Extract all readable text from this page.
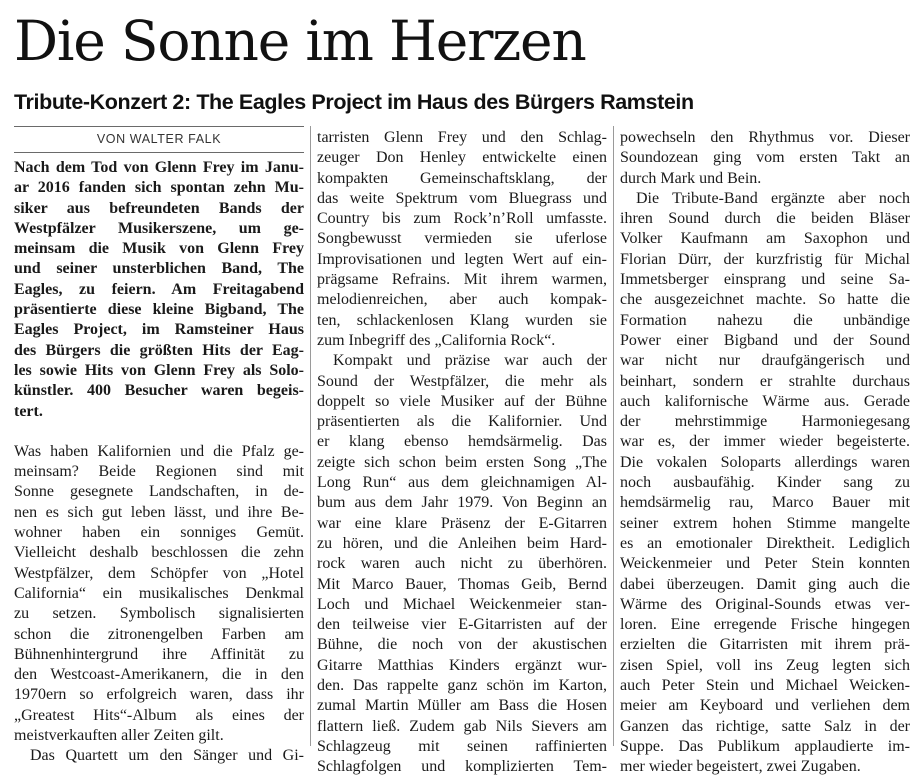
Die Sonne im Herzen
Tribute-Konzert 2: The Eagles Project im Haus des Bürgers Ramstein
VON WALTER FALK
Nach dem Tod von Glenn Frey im Janu-
ar 2016 fanden sich spontan zehn Mu-
siker aus befreundeten Bands der
Westpfälzer Musikerszene, um ge-
meinsam die Musik von Glenn Frey
und seiner unsterblichen Band, The
Eagles, zu feiern. Am Freitagabend
präsentierte diese kleine Bigband, The
Eagles Project, im Ramsteiner Haus
des Bürgers die größten Hits der Eag-
les sowie Hits von Glenn Frey als Solo-
künstler. 400 Besucher waren begeis-
tert.
Was haben Kalifornien und die Pfalz ge-
meinsam? Beide Regionen sind mit
Sonne gesegnete Landschaften, in de-
nen es sich gut leben lässt, und ihre Be-
wohner haben ein sonniges Gemüt.
Vielleicht deshalb beschlossen die zehn
Westpfälzer, dem Schöpfer von „Hotel
California“ ein musikalisches Denkmal
zu setzen. Symbolisch signalisierten
schon die zitronengelben Farben am
Bühnenhintergrund ihre Affinität zu
den Westcoast-Amerikanern, die in den
1970ern so erfolgreich waren, dass ihr
„Greatest Hits“-Album als eines der
meistverkauften aller Zeiten gilt.
Das Quartett um den Sänger und Gi-
tarristen Glenn Frey und den Schlag-
zeuger Don Henley entwickelte einen
kompakten Gemeinschaftsklang, der
das weite Spektrum vom Bluegrass und
Country bis zum Rock’n’Roll umfasste.
Songbewusst vermieden sie uferlose
Improvisationen und legten Wert auf ein-
prägsame Refrains. Mit ihrem warmen,
melodienreichen, aber auch kompak-
ten, schlackenlosen Klang wurden sie
zum Inbegriff des „California Rock“.
Kompakt und präzise war auch der
Sound der Westpfälzer, die mehr als
doppelt so viele Musiker auf der Bühne
präsentierten als die Kalifornier. Und
er klang ebenso hemdsärmelig. Das
zeigte sich schon beim ersten Song „The
Long Run“ aus dem gleichnamigen Al-
bum aus dem Jahr 1979. Von Beginn an
war eine klare Präsenz der E-Gitarren
zu hören, und die Anleihen beim Hard-
rock waren auch nicht zu überhören.
Mit Marco Bauer, Thomas Geib, Bernd
Loch und Michael Weickenmeier stan-
den teilweise vier E-Gitarristen auf der
Bühne, die noch von der akustischen
Gitarre Matthias Kinders ergänzt wur-
den. Das rappelte ganz schön im Karton,
zumal Martin Müller am Bass die Hosen
flattern ließ. Zudem gab Nils Sievers am
Schlagzeug mit seinen raffinierten
Schlagfolgen und komplizierten Tem-
powechseln den Rhythmus vor. Dieser
Soundozean ging vom ersten Takt an
durch Mark und Bein.
Die Tribute-Band ergänzte aber noch
ihren Sound durch die beiden Bläser
Volker Kaufmann am Saxophon und
Florian Dürr, der kurzfristig für Michal
Immetsberger einsprang und seine Sa-
che ausgezeichnet machte. So hatte die
Formation nahezu die unbändige
Power einer Bigband und der Sound
war nicht nur draufgängerisch und
beinhart, sondern er strahlte durchaus
auch kalifornische Wärme aus. Gerade
der mehrstimmige Harmoniegesang
war es, der immer wieder begeisterte.
Die vokalen Soloparts allerdings waren
noch ausbaufähig. Kinder sang zu
hemdsärmelig rau, Marco Bauer mit
seiner extrem hohen Stimme mangelte
es an emotionaler Direktheit. Lediglich
Weickenmeier und Peter Stein konnten
dabei überzeugen. Damit ging auch die
Wärme des Original-Sounds etwas ver-
loren. Eine erregende Frische hingegen
erzielten die Gitarristen mit ihrem prä-
zisen Spiel, voll ins Zeug legten sich
auch Peter Stein und Michael Weicken-
meier am Keyboard und verliehen dem
Ganzen das richtige, satte Salz in der
Suppe. Das Publikum applaudierte im-
mer wieder begeistert, zwei Zugaben.
